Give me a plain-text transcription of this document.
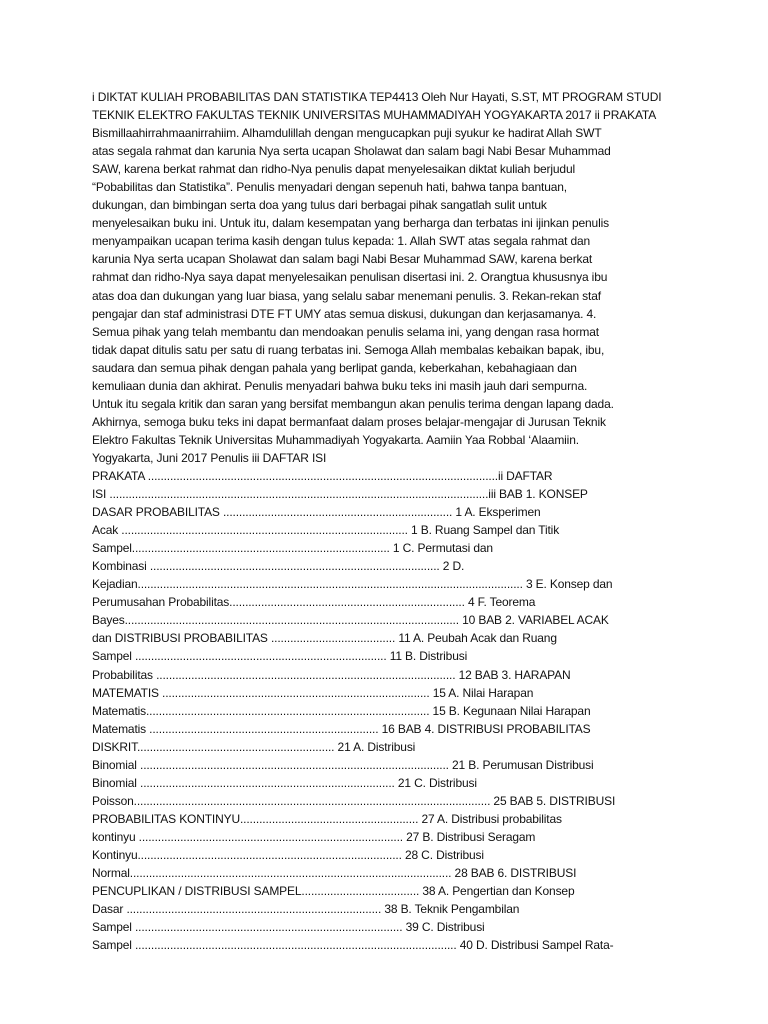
i DIKTAT KULIAH PROBABILITAS DAN STATISTIKA TEP4413 Oleh Nur Hayati, S.ST, MT PROGRAM STUDI
TEKNIK ELEKTRO FAKULTAS TEKNIK UNIVERSITAS MUHAMMADIYAH YOGYAKARTA 2017 ii PRAKATA
Bismillaahirrahmaanirrahiim. Alhamdulillah dengan mengucapkan puji syukur ke hadirat Allah SWT
atas segala rahmat dan karunia Nya serta ucapan Sholawat dan salam bagi Nabi Besar Muhammad
SAW, karena berkat rahmat dan ridho-Nya penulis dapat menyelesaikan diktat kuliah berjudul
“Pobabilitas dan Statistika”. Penulis menyadari dengan sepenuh hati, bahwa tanpa bantuan,
dukungan, dan bimbingan serta doa yang tulus dari berbagai pihak sangatlah sulit untuk
menyelesaikan buku ini. Untuk itu, dalam kesempatan yang berharga dan terbatas ini ijinkan penulis
menyampaikan ucapan terima kasih dengan tulus kepada: 1. Allah SWT atas segala rahmat dan
karunia Nya serta ucapan Sholawat dan salam bagi Nabi Besar Muhammad SAW, karena berkat
rahmat dan ridho-Nya saya dapat menyelesaikan penulisan disertasi ini. 2. Orangtua khususnya ibu
atas doa dan dukungan yang luar biasa, yang selalu sabar menemani penulis. 3. Rekan-rekan staf
pengajar dan staf administrasi DTE FT UMY atas semua diskusi, dukungan dan kerjasamanya. 4.
Semua pihak yang telah membantu dan mendoakan penulis selama ini, yang dengan rasa hormat
tidak dapat ditulis satu per satu di ruang terbatas ini. Semoga Allah membalas kebaikan bapak, ibu,
saudara dan semua pihak dengan pahala yang berlipat ganda, keberkahan, kebahagiaan dan
kemuliaan dunia dan akhirat. Penulis menyadari bahwa buku teks ini masih jauh dari sempurna.
Untuk itu segala kritik dan saran yang bersifat membangun akan penulis terima dengan lapang dada.
Akhirnya, semoga buku teks ini dapat bermanfaat dalam proses belajar-mengajar di Jurusan Teknik
Elektro Fakultas Teknik Universitas Muhammadiyah Yogyakarta. Aamiin Yaa Robbal ‘Alaamiin.
Yogyakarta, Juni 2017 Penulis iii DAFTAR ISI
PRAKATA ..............................................................................................................ii DAFTAR
ISI .......................................................................................................................iii BAB 1. KONSEP
DASAR PROBABILITAS ........................................................................ 1 A. Eksperimen
Acak .......................................................................................... 1 B. Ruang Sampel dan Titik
Sampel................................................................................. 1 C. Permutasi dan
Kombinasi ........................................................................................... 2 D.
Kejadian......................................................................................................................... 3 E. Konsep dan
Perumusahan Probabilitas.......................................................................... 4 F. Teorema
Bayes......................................................................................................... 10 BAB 2. VARIABEL ACAK
dan DISTRIBUSI PROBABILITAS ....................................... 11 A. Peubah Acak dan Ruang
Sampel ............................................................................... 11 B. Distribusi
Probabilitas .............................................................................................. 12 BAB 3. HARAPAN
MATEMATIS .................................................................................... 15 A. Nilai Harapan
Matematis......................................................................................... 15 B. Kegunaan Nilai Harapan
Matematis ........................................................................ 16 BAB 4. DISTRIBUSI PROBABILITAS
DISKRIT.............................................................. 21 A. Distribusi
Binomial ................................................................................................. 21 B. Perumusan Distribusi
Binomial ................................................................................ 21 C. Distribusi
Poisson................................................................................................................ 25 BAB 5. DISTRIBUSI
PROBABILITAS KONTINYU........................................................ 27 A. Distribusi probabilitas
kontinyu ................................................................................... 27 B. Distribusi Seragam
Kontinyu................................................................................... 28 C. Distribusi
Normal..................................................................................................... 28 BAB 6. DISTRIBUSI
PENCUPLIKAN / DISTRIBUSI SAMPEL..................................... 38 A. Pengertian dan Konsep
Dasar ................................................................................ 38 B. Teknik Pengambilan
Sampel .................................................................................... 39 C. Distribusi
Sampel ..................................................................................................... 40 D. Distribusi Sampel Rata-
